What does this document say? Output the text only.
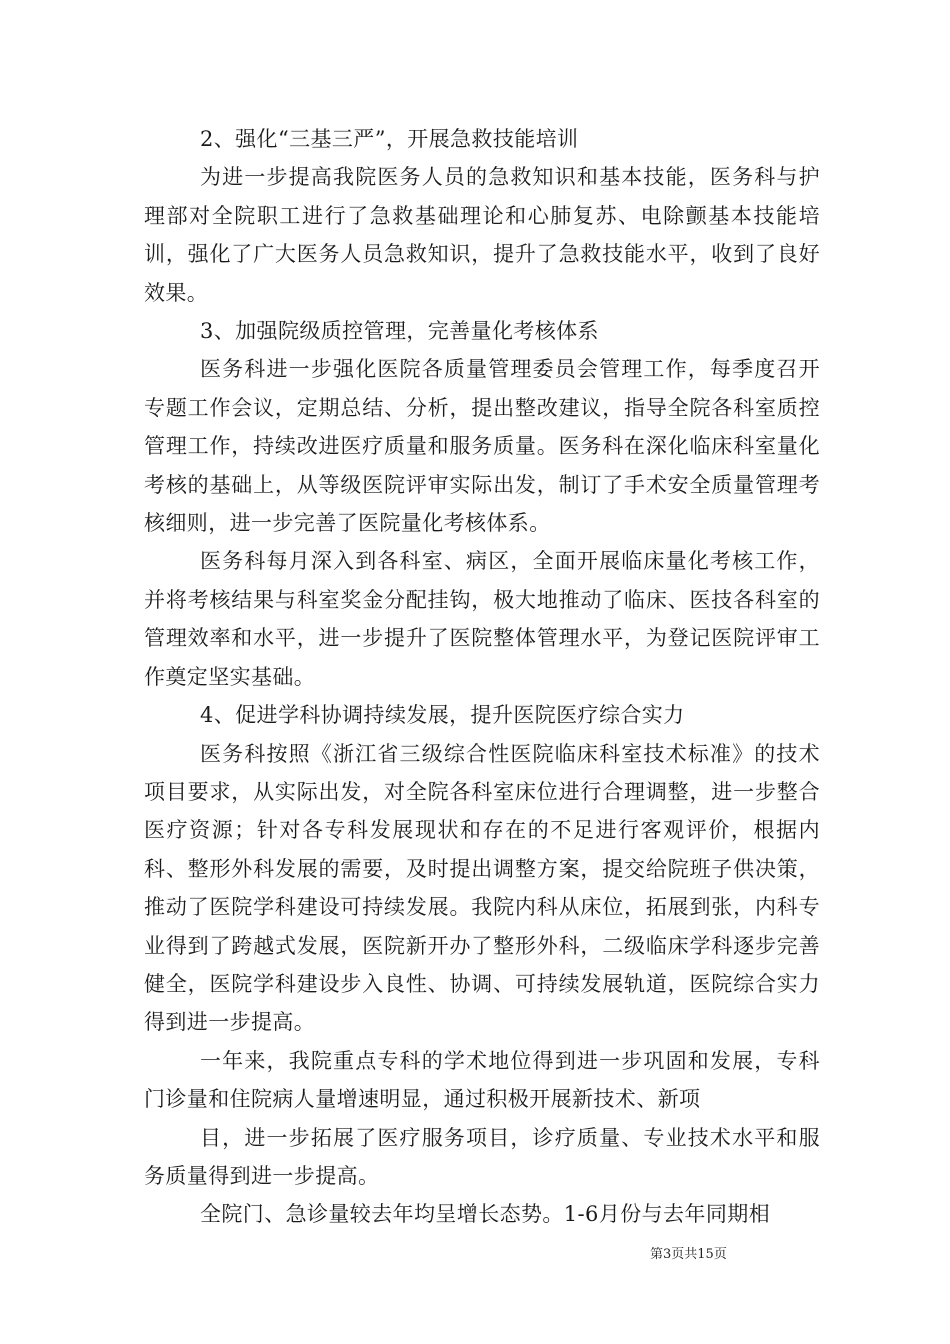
2、强化“三基三严”，开展急救技能培训

为进一步提高我院医务人员的急救知识和基本技能，医务科与护理部对全院职工进行了急救基础理论和心肺复苏、电除颤基本技能培训，强化了广大医务人员急救知识，提升了急救技能水平，收到了良好效果。

3、加强院级质控管理，完善量化考核体系

医务科进一步强化医院各质量管理委员会管理工作，每季度召开专题工作会议，定期总结、分析，提出整改建议，指导全院各科室质控管理工作，持续改进医疗质量和服务质量。医务科在深化临床科室量化考核的基础上，从等级医院评审实际出发，制订了手术安全质量管理考核细则，进一步完善了医院量化考核体系。

医务科每月深入到各科室、病区，全面开展临床量化考核工作，并将考核结果与科室奖金分配挂钩，极大地推动了临床、医技各科室的管理效率和水平，进一步提升了医院整体管理水平，为登记医院评审工作奠定坚实基础。

4、促进学科协调持续发展，提升医院医疗综合实力

医务科按照《浙江省三级综合性医院临床科室技术标准》的技术项目要求，从实际出发，对全院各科室床位进行合理调整，进一步整合医疗资源；针对各专科发展现状和存在的不足进行客观评价，根据内科、整形外科发展的需要，及时提出调整方案，提交给院班子供决策，推动了医院学科建设可持续发展。我院内科从床位，拓展到张，内科专业得到了跨越式发展，医院新开办了整形外科，二级临床学科逐步完善健全，医院学科建设步入良性、协调、可持续发展轨道，医院综合实力得到进一步提高。

一年来，我院重点专科的学术地位得到进一步巩固和发展，专科门诊量和住院病人量增速明显，通过积极开展新技术、新项

目，进一步拓展了医疗服务项目，诊疗质量、专业技术水平和服务质量得到进一步提高。

全院门、急诊量较去年均呈增长态势。1-6月份与去年同期相

第3页共15页
